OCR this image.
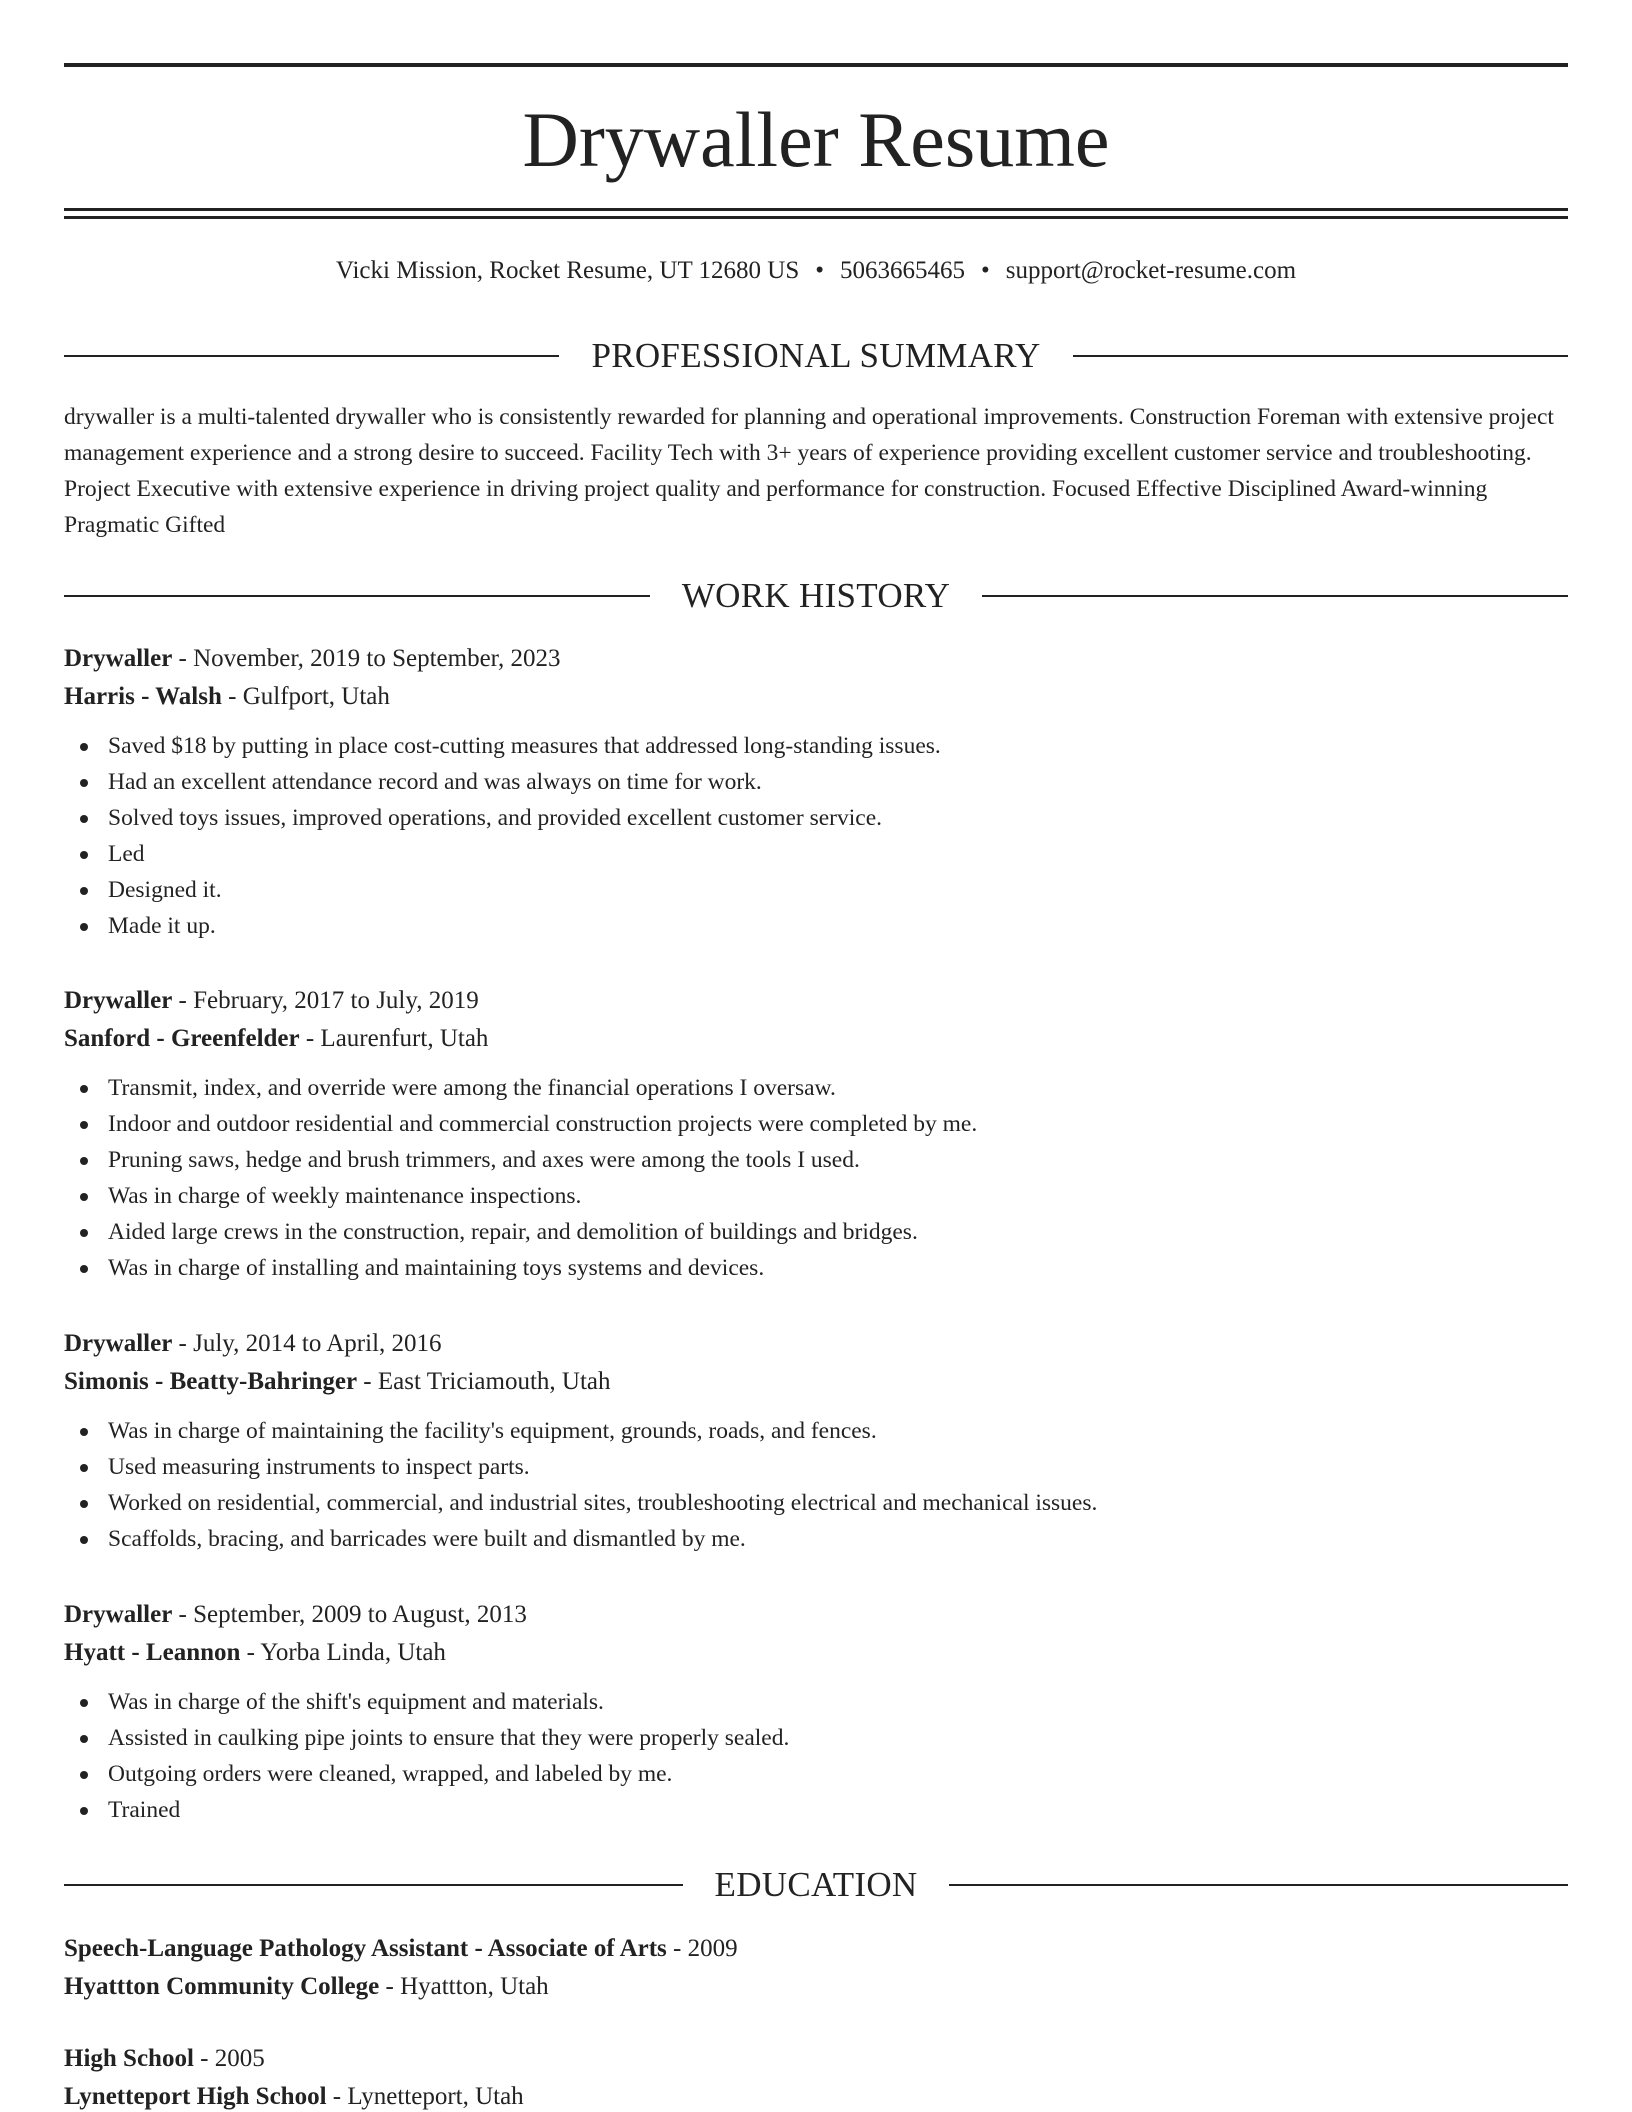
Drywaller Resume
Vicki Mission, Rocket Resume, UT 12680 US • 5063665465 • support@rocket-resume.com
PROFESSIONAL SUMMARY

drywaller is a multi-talented drywaller who is consistently rewarded for planning and operational improvements. Construction Foreman with extensive project management experience and a strong desire to succeed. Facility Tech with 3+ years of experience providing excellent customer service and troubleshooting. Project Executive with extensive experience in driving project quality and performance for construction. Focused Effective Disciplined Award-winning Pragmatic Gifted

WORK HISTORY
Drywaller - November, 2019 to September, 2023
Harris - Walsh - Gulfport, Utah
Saved $18 by putting in place cost-cutting measures that addressed long-standing issues.
Had an excellent attendance record and was always on time for work.
Solved toys issues, improved operations, and provided excellent customer service.
Led
Designed it.
Made it up.
Drywaller - February, 2017 to July, 2019
Sanford - Greenfelder - Laurenfurt, Utah
Transmit, index, and override were among the financial operations I oversaw.
Indoor and outdoor residential and commercial construction projects were completed by me.
Pruning saws, hedge and brush trimmers, and axes were among the tools I used.
Was in charge of weekly maintenance inspections.
Aided large crews in the construction, repair, and demolition of buildings and bridges.
Was in charge of installing and maintaining toys systems and devices.
Drywaller - July, 2014 to April, 2016
Simonis - Beatty-Bahringer - East Triciamouth, Utah
Was in charge of maintaining the facility's equipment, grounds, roads, and fences.
Used measuring instruments to inspect parts.
Worked on residential, commercial, and industrial sites, troubleshooting electrical and mechanical issues.
Scaffolds, bracing, and barricades were built and dismantled by me.
Drywaller - September, 2009 to August, 2013
Hyatt - Leannon - Yorba Linda, Utah
Was in charge of the shift's equipment and materials.
Assisted in caulking pipe joints to ensure that they were properly sealed.
Outgoing orders were cleaned, wrapped, and labeled by me.
Trained
EDUCATION
Speech-Language Pathology Assistant - Associate of Arts - 2009
Hyattton Community College - Hyattton, Utah
High School - 2005
Lynetteport High School - Lynetteport, Utah
